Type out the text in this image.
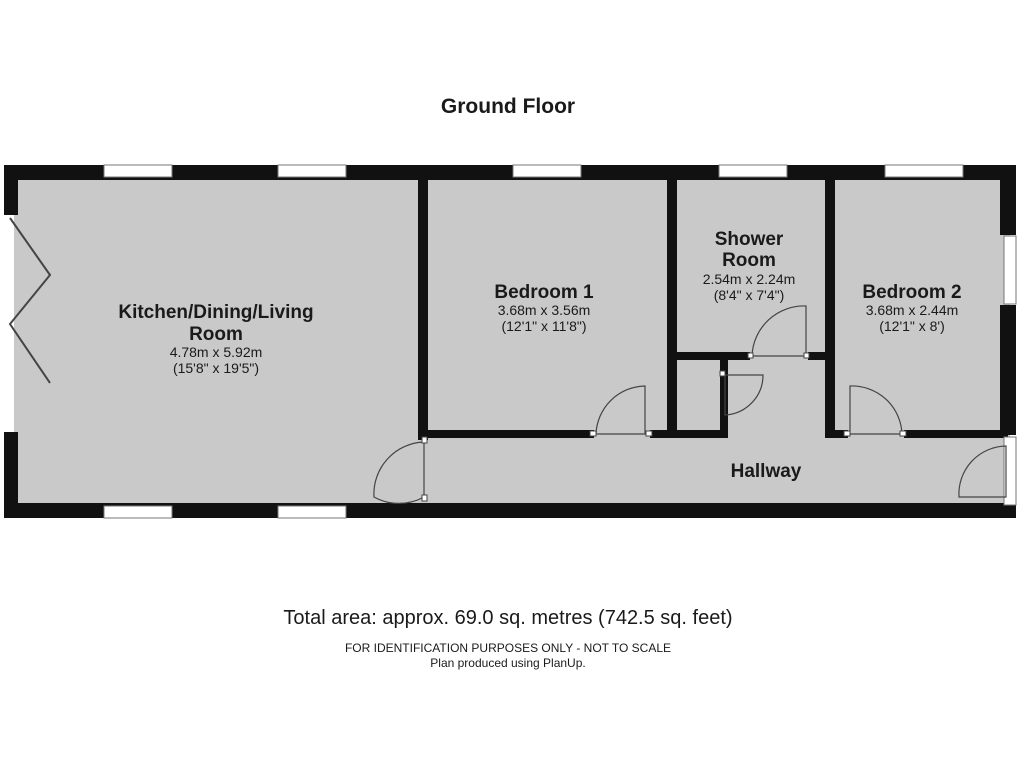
Ground Floor
Kitchen/Dining/Living
Room
4.78m x 5.92m
(15'8" x 19'5")
Bedroom 1
3.68m x 3.56m
(12'1" x 11'8")
Shower
Room
2.54m x 2.24m
(8'4" x 7'4")	Bedroom 2
3.68m x 2.44m
(12'1" x 8')
Hallway
Total area: approx. 69.0 sq. metres (742.5 sq. feet)
FOR IDENTIFICATION PURPOSES ONLY - NOT TO SCALE
Plan produced using PlanUp.
